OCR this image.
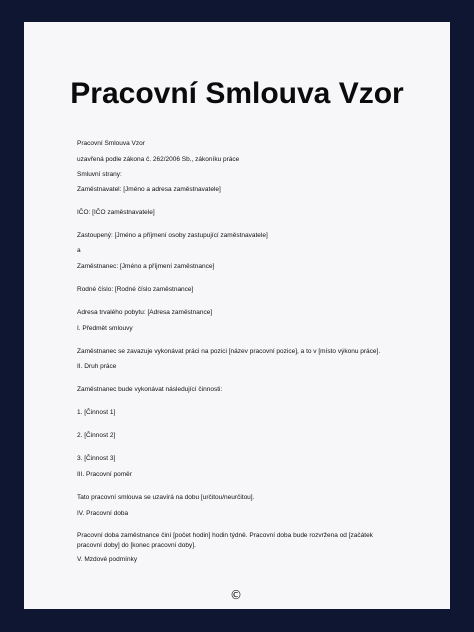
Pracovní Smlouva Vzor
Pracovní Smlouva Vzor
uzavřená podle zákona č. 262/2006 Sb., zákoníku práce
Smluvní strany:
Zaměstnavatel: [Jméno a adresa zaměstnavatele]
IČO: [IČO zaměstnavatele]
Zastoupený: [Jméno a příjmení osoby zastupující zaměstnavatele]
a
Zaměstnanec: [Jméno a příjmení zaměstnance]
Rodné číslo: [Rodné číslo zaměstnance]
Adresa trvalého pobytu: [Adresa zaměstnance]
I. Předmět smlouvy
Zaměstnanec se zavazuje vykonávat práci na pozici [název pracovní pozice], a to v [místo výkonu práce].
II. Druh práce
Zaměstnanec bude vykonávat následující činnosti:
1. [Činnost 1]
2. [Činnost 2]
3. [Činnost 3]
III. Pracovní poměr
Tato pracovní smlouva se uzavírá na dobu [určitou/neurčitou].
IV. Pracovní doba
Pracovní doba zaměstnance činí [počet hodin] hodin týdně. Pracovní doba bude rozvržena od [začátek pracovní doby] do [konec pracovní doby].
V. Mzdové podmínky
©
